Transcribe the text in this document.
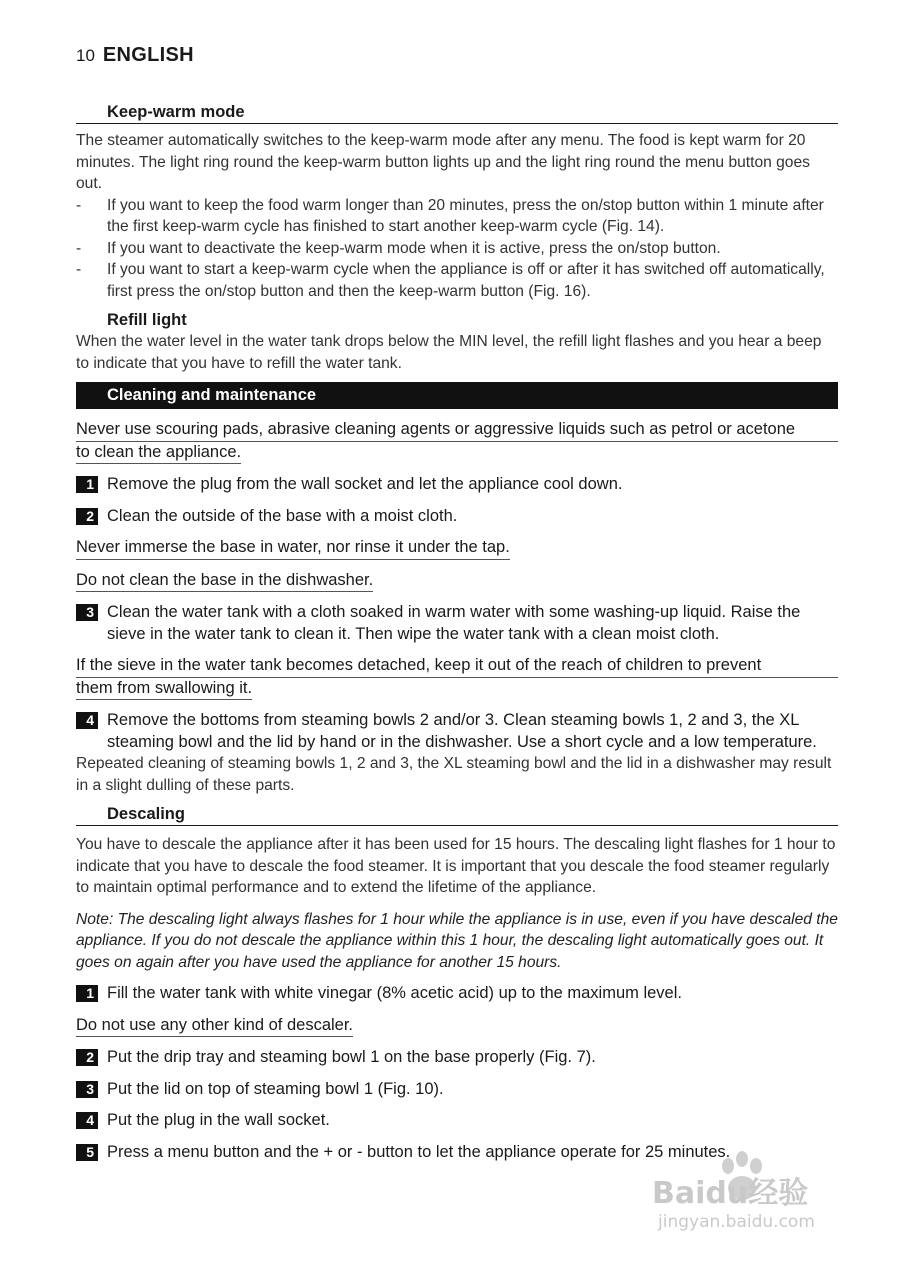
10 ENGLISH
Keep-warm mode
The steamer automatically switches to the keep-warm mode after any menu. The food is kept warm for 20 minutes. The light ring round the keep-warm button lights up and the light ring round the menu button goes out.
-	If you want to keep the food warm longer than 20 minutes, press the on/stop button within 1 minute after the first keep-warm cycle has finished to start another keep-warm cycle (Fig. 14).
-	If you want to deactivate the keep-warm mode when it is active, press the on/stop button.
-	If you want to start a keep-warm cycle when the appliance is off or after it has switched off automatically, first press the on/stop button and then the keep-warm button (Fig. 16).
Refill light
When the water level in the water tank drops below the MIN level, the refill light flashes and you hear a beep to indicate that you have to refill the water tank.
Cleaning and maintenance
Never use scouring pads, abrasive cleaning agents or aggressive liquids such as petrol or acetone
to clean the appliance.
1 Remove the plug from the wall socket and let the appliance cool down.
2 Clean the outside of the base with a moist cloth.
Never immerse the base in water, nor rinse it under the tap.
Do not clean the base in the dishwasher.
3 Clean the water tank with a cloth soaked in warm water with some washing-up liquid. Raise the sieve in the water tank to clean it. Then wipe the water tank with a clean moist cloth.
If the sieve in the water tank becomes detached, keep it out of the reach of children to prevent
them from swallowing it.
4 Remove the bottoms from steaming bowls 2 and/or 3. Clean steaming bowls 1, 2 and 3, the XL steaming bowl and the lid by hand or in the dishwasher. Use a short cycle and a low temperature.
Repeated cleaning of steaming bowls 1, 2 and 3, the XL steaming bowl and the lid in a dishwasher may result in a slight dulling of these parts.
Descaling
You have to descale the appliance after it has been used for 15 hours. The descaling light flashes for 1 hour to indicate that you have to descale the food steamer. It is important that you descale the food steamer regularly to maintain optimal performance and to extend the lifetime of the appliance.
Note: The descaling light always flashes for 1 hour while the appliance is in use, even if you have descaled the appliance. If you do not descale the appliance within this 1 hour, the descaling light automatically goes out. It goes on again after you have used the appliance for another 15 hours.
1 Fill the water tank with white vinegar (8% acetic acid) up to the maximum level.
Do not use any other kind of descaler.
2 Put the drip tray and steaming bowl 1 on the base properly (Fig. 7).
3 Put the lid on top of steaming bowl 1 (Fig. 10).
4 Put the plug in the wall socket.
5 Press a menu button and the + or - button to let the appliance operate for 25 minutes.
Baidu经验
jingyan.baidu.com
